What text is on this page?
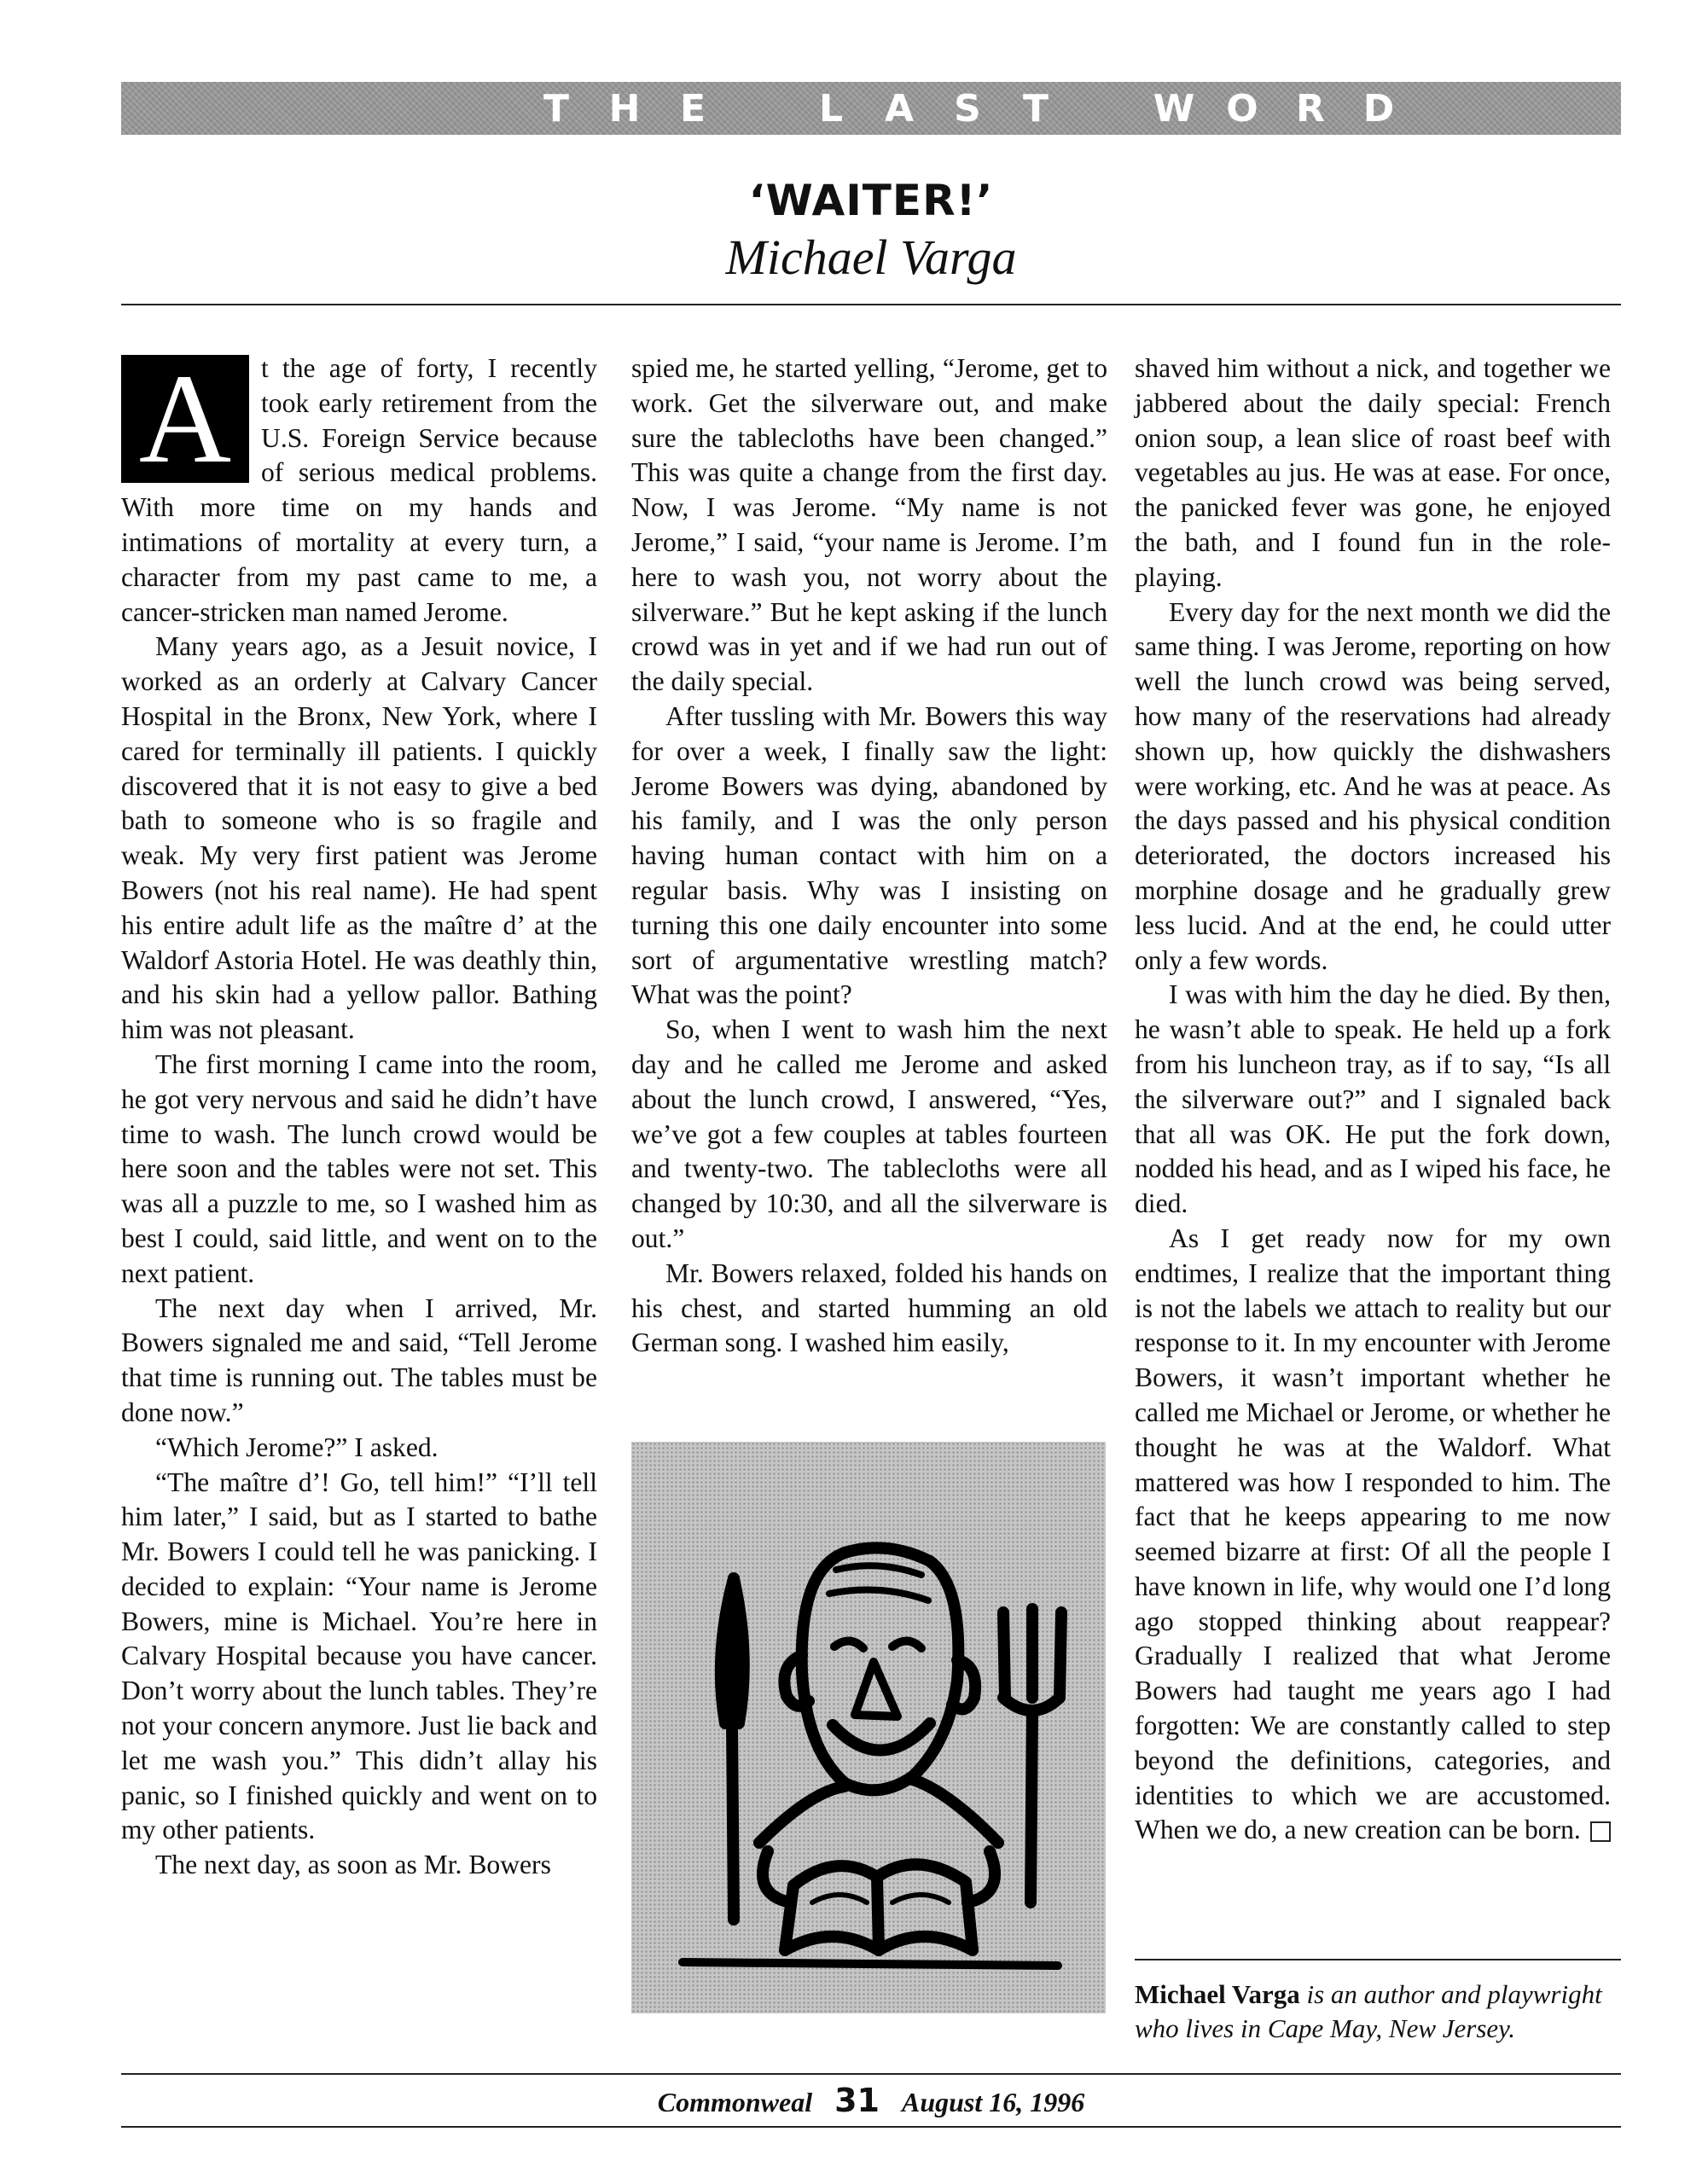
T H E	L A S T	W O R D
‘WAITER!’
Michael Varga

A	t the age of forty, I recently took early retirement from the U.S. Foreign Service because of serious medical problems. With more time on my hands and intimations of mortality at every turn, a character from my past came to me, a cancer-stricken man named Jerome.

Many years ago, as a Jesuit novice, I worked as an orderly at Calvary Cancer Hospital in the Bronx, New York, where I cared for terminally ill patients. I quickly discovered that it is not easy to give a bed bath to someone who is so fragile and weak. My very first patient was Jerome Bowers (not his real name). He had spent his entire adult life as the maître d’ at the Waldorf Astoria Hotel. He was deathly thin, and his skin had a yellow pallor. Bathing him was not pleasant.

The first morning I came into the room, he got very nervous and said he didn’t have time to wash. The lunch crowd would be here soon and the tables were not set. This was all a puzzle to me, so I washed him as best I could, said little, and went on to the next patient.

The next day when I arrived, Mr. Bowers signaled me and said, “Tell Jerome that time is running out. The tables must be done now.”

“Which Jerome?” I asked.

“The maître d’! Go, tell him!” “I’ll tell him later,” I said, but as I started to bathe Mr. Bowers I could tell he was panicking. I decided to explain: “Your name is Jerome Bowers, mine is Michael. You’re here in Calvary Hospital because you have cancer. Don’t worry about the lunch tables. They’re not your concern anymore. Just lie back and let me wash you.” This didn’t allay his panic, so I finished quickly and went on to my other patients.

The next day, as soon as Mr. Bowers

spied me, he started yelling, “Jerome, get to work. Get the silverware out, and make sure the tablecloths have been changed.” This was quite a change from the first day. Now, I was Jerome. “My name is not Jerome,” I said, “your name is Jerome. I’m here to wash you, not worry about the silverware.” But he kept asking if the lunch crowd was in yet and if we had run out of the daily special.

After tussling with Mr. Bowers this way for over a week, I finally saw the light: Jerome Bowers was dying, abandoned by his family, and I was the only person having human contact with him on a regular basis. Why was I insisting on turning this one daily encounter into some sort of argumentative wrestling match? What was the point?

So, when I went to wash him the next day and he called me Jerome and asked about the lunch crowd, I answered, “Yes, we’ve got a few couples at tables fourteen and twenty-two. The tablecloths were all changed by 10:30, and all the silverware is out.”

Mr. Bowers relaxed, folded his hands on his chest, and started humming an old German song. I washed him easily,

shaved him without a nick, and together we jabbered about the daily special: French onion soup, a lean slice of roast beef with vegetables au jus. He was at ease. For once, the panicked fever was gone, he enjoyed the bath, and I found fun in the role-playing.

Every day for the next month we did the same thing. I was Jerome, reporting on how well the lunch crowd was being served, how many of the reservations had already shown up, how quickly the dishwashers were working, etc. And he was at peace. As the days passed and his physical condition deteriorated, the doctors increased his morphine dosage and he gradually grew less lucid. And at the end, he could utter only a few words.

I was with him the day he died. By then, he wasn’t able to speak. He held up a fork from his luncheon tray, as if to say, “Is all the silverware out?” and I signaled back that all was OK. He put the fork down, nodded his head, and as I wiped his face, he died.

As I get ready now for my own endtimes, I realize that the important thing is not the labels we attach to reality but our response to it. In my encounter with Jerome Bowers, it wasn’t important whether he called me Michael or Jerome, or whether he thought he was at the Waldorf. What mattered was how I responded to him. The fact that he keeps appearing to me now seemed bizarre at first: Of all the people I have known in life, why would one I’d long ago stopped thinking about reappear? Gradually I realized that what Jerome Bowers had taught me years ago I had forgotten: We are constantly called to step beyond the definitions, categories, and identities to which we are accustomed. When we do, a new creation can be born.

Michael Varga is an author and playwright who lives in Cape May, New Jersey.
Commonweal 31 August 16, 1996
